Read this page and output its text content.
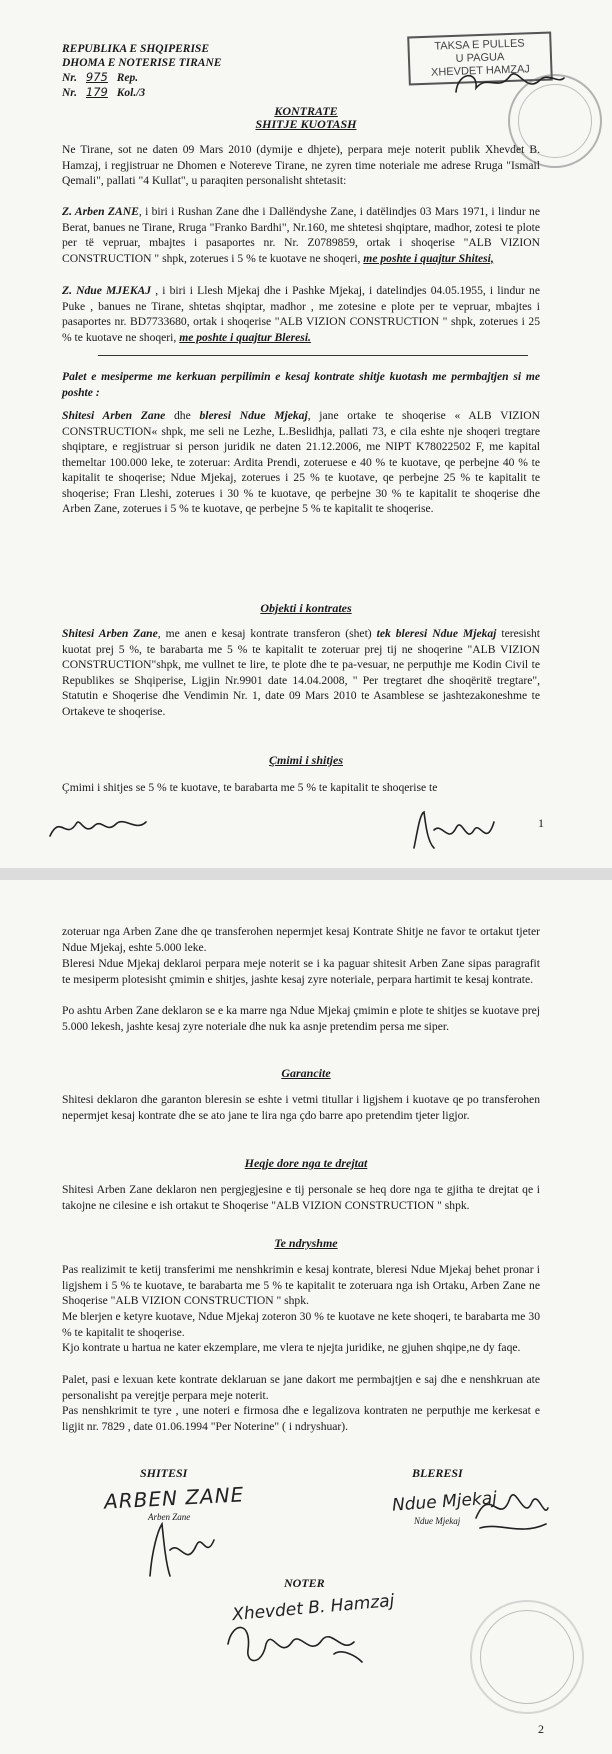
REPUBLIKA E SHQIPERISE
DHOMA E NOTERISE TIRANE
Nr. 975 Rep.
Nr. 179 Kol./3
TAKSA E PULLES
U PAGUA
XHEVDET HAMZAJ
KONTRATE
SHITJE KUOTASH

Ne Tirane, sot ne daten 09 Mars 2010 (dymije e dhjete), perpara meje noterit publik Xhevdet B. Hamzaj, i regjistruar ne Dhomen e Notereve Tirane, ne zyren time noteriale me adrese Rruga "Ismail Qemali", pallati "4 Kullat", u paraqiten personalisht shtetasit:

Z. Arben ZANE, i biri i Rushan Zane dhe i Dallëndyshe Zane, i datëlindjes 03 Mars 1971, i lindur ne Berat, banues ne Tirane, Rruga "Franko Bardhi", Nr.160, me shtetesi shqiptare, madhor, zotesi te plote per të vepruar, mbajtes i pasaportes nr. Nr. Z0789859, ortak i shoqerise "ALB VIZION CONSTRUCTION " shpk, zoterues i 5 % te kuotave ne shoqeri, me poshte i quajtur Shitesi,

Z. Ndue MJEKAJ , i biri i Llesh Mjekaj dhe i Pashke Mjekaj, i datelindjes 04.05.1955, i lindur ne Puke , banues ne Tirane, shtetas shqiptar, madhor , me zotesine e plote per te vepruar, mbajtes i pasaportes nr. BD7733680, ortak i shoqerise "ALB VIZION CONSTRUCTION " shpk, zoterues i 25 % te kuotave ne shoqeri, me poshte i quajtur Bleresi.

Palet e mesiperme me kerkuan perpilimin e kesaj kontrate shitje kuotash me permbajtjen si me poshte :

Shitesi Arben Zane dhe bleresi Ndue Mjekaj, jane ortake te shoqerise « ALB VIZION CONSTRUCTION« shpk, me seli ne Lezhe, L.Beslidhja, pallati 73, e cila eshte nje shoqeri tregtare shqiptare, e regjistruar si person juridik ne daten 21.12.2006, me NIPT K78022502 F, me kapital themeltar 100.000 leke, te zoteruar: Ardita Prendi, zoteruese e 40 % te kuotave, qe perbejne 40 % te kapitalit te shoqerise; Ndue Mjekaj, zoterues i 25 % te kuotave, qe perbejne 25 % te kapitalit te shoqerise; Fran Lleshi, zoterues i 30 % te kuotave, qe perbejne 30 % te kapitalit te shoqerise dhe Arben Zane, zoterues i 5 % te kuotave, qe perbejne 5 % te kapitalit te shoqerise.

Objekti i kontrates

Shitesi Arben Zane, me anen e kesaj kontrate transferon (shet) tek bleresi Ndue Mjekaj teresisht kuotat prej 5 %, te barabarta me 5 % te kapitalit te zoteruar prej tij ne shoqerine "ALB VIZION CONSTRUCTION"shpk, me vullnet te lire, te plote dhe te pa-vesuar, ne perputhje me Kodin Civil te Republikes se Shqiperise, Ligjin Nr.9901 date 14.04.2008, " Per tregtaret dhe shoqëritë tregtare", Statutin e Shoqerise dhe Vendimin Nr. 1, date 09 Mars 2010 te Asamblese se jashtezakoneshme te Ortakeve te shoqerise.

Çmimi i shitjes

Çmimi i shitjes se 5 % te kuotave, te barabarta me 5 % te kapitalit te shoqerise te

1

zoteruar nga Arben Zane dhe qe transferohen nepermjet kesaj Kontrate Shitje ne favor te ortakut tjeter Ndue Mjekaj, eshte 5.000 leke.

Bleresi Ndue Mjekaj deklaroi perpara meje noterit se i ka paguar shitesit Arben Zane sipas paragrafit te mesiperm plotesisht çmimin e shitjes, jashte kesaj zyre noteriale, perpara hartimit te kesaj kontrate.

Po ashtu Arben Zane deklaron se e ka marre nga Ndue Mjekaj çmimin e plote te shitjes se kuotave prej 5.000 lekesh, jashte kesaj zyre noteriale dhe nuk ka asnje pretendim persa me siper.

Garancite

Shitesi deklaron dhe garanton bleresin se eshte i vetmi titullar i ligjshem i kuotave qe po transferohen nepermjet kesaj kontrate dhe se ato jane te lira nga çdo barre apo pretendim tjeter ligjor.

Heqje dore nga te drejtat

Shitesi Arben Zane deklaron nen pergjegjesine e tij personale se heq dore nga te gjitha te drejtat qe i takojne ne cilesine e ish ortakut te Shoqerise "ALB VIZION CONSTRUCTION " shpk.

Te ndryshme

Pas realizimit te ketij transferimi me nenshkrimin e kesaj kontrate, bleresi Ndue Mjekaj behet pronar i ligjshem i 5 % te kuotave, te barabarta me 5 % te kapitalit te zoteruara nga ish Ortaku, Arben Zane ne Shoqerise "ALB VIZION CONSTRUCTION " shpk.

Me blerjen e ketyre kuotave, Ndue Mjekaj zoteron 30 % te kuotave ne kete shoqeri, te barabarta me 30 % te kapitalit te shoqerise.

Kjo kontrate u hartua ne kater ekzemplare, me vlera te njejta juridike, ne gjuhen shqipe,ne dy faqe.

Palet, pasi e lexuan kete kontrate deklaruan se jane dakort me permbajtjen e saj dhe e nenshkruan ate personalisht pa verejtje perpara meje noterit.

Pas nenshkrimit te tyre , une noteri e firmosa dhe e legalizova kontraten ne perputhje me kerkesat e ligjit nr. 7829 , date 01.06.1994 "Per Noterine" ( i ndryshuar).

SHITESI	BLERESI
ARBEN ZANE
Arben Zane
Ndue Mjekaj
Ndue Mjekaj
NOTER
Xhevdet B. Hamzaj
2
